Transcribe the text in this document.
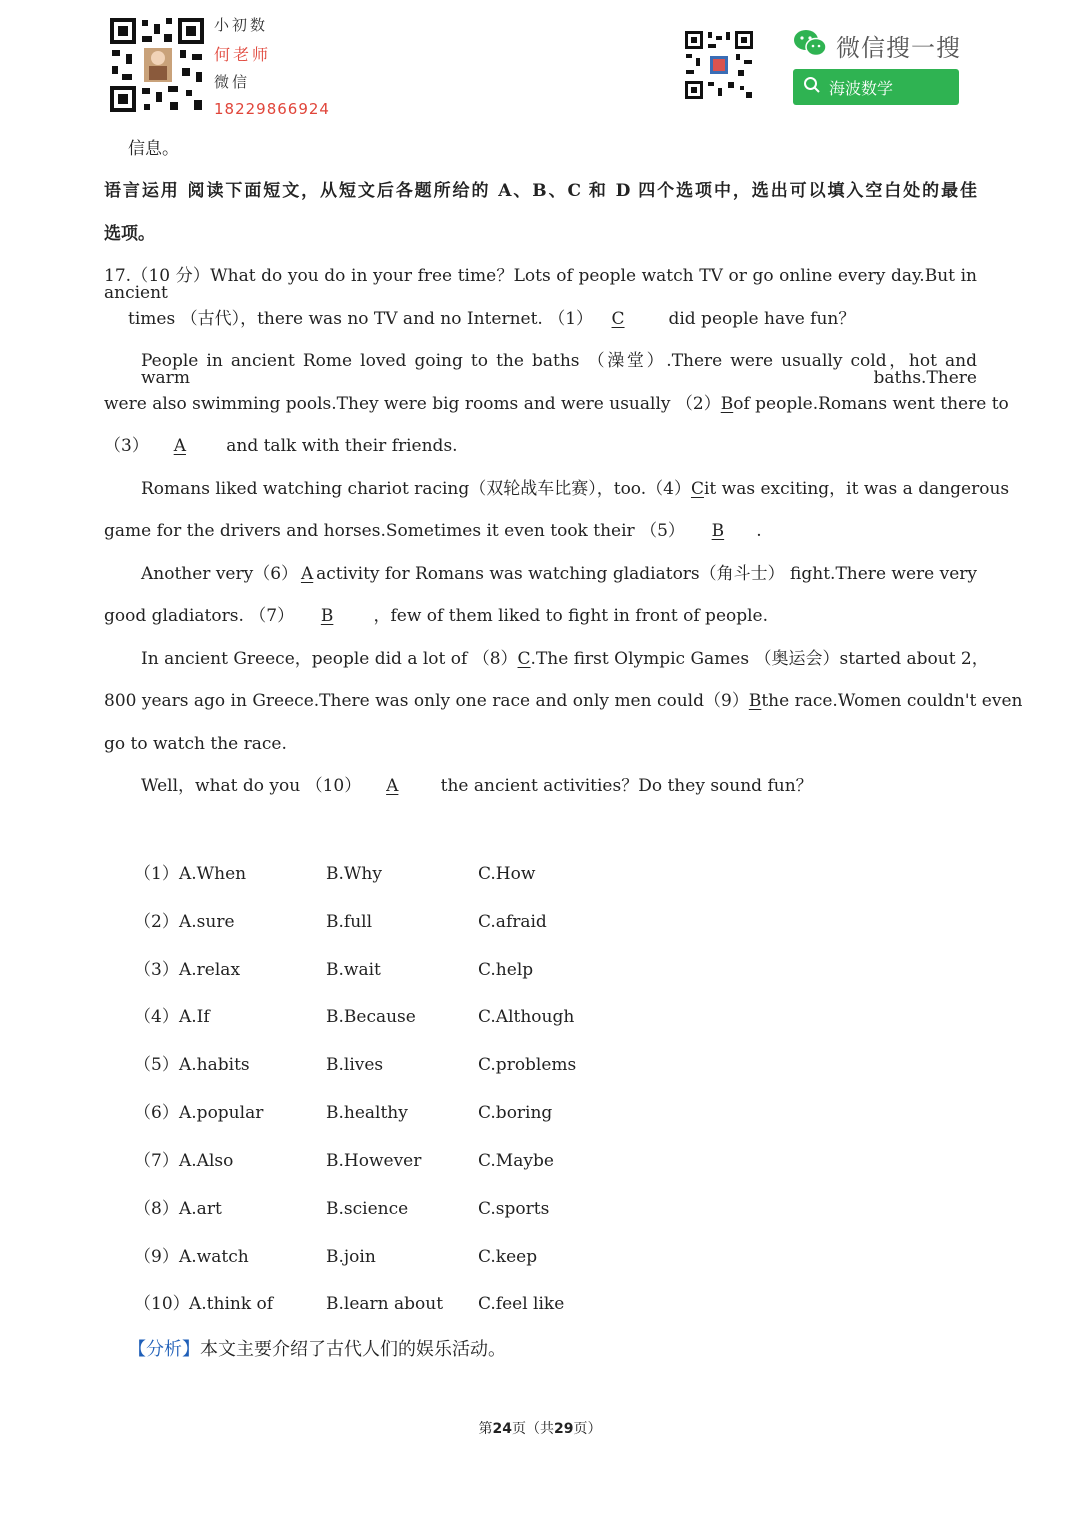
小初数
何老师
微信
18229866924
微信搜一搜
海波数学
信息。
语言运用 阅读下面短文，从短文后各题所给的 A、B、C 和 D 四个选项中，选出可以填入空白处的最佳
选项。
17.（10 分）What do you do in your free time？Lots of people watch TV or go online every day.But in ancient
times （古代），there was no TV and no Internet. （1） C did people have fun？
People in ancient Rome loved going to the baths （澡堂）.There were usually cold，hot and warm baths.There
were also swimming pools.They were big rooms and were usually （2） B of people.Romans went there to
（3） A and talk with their friends.
Romans liked watching chariot racing（双轮战车比赛），too.（4） C it was exciting，it was a dangerous
game for the drivers and horses.Sometimes it even took their （5） B .
Another very（6） A activity for Romans was watching gladiators（角斗士） fight.There were very
good gladiators. （7） B ，few of them liked to fight in front of people.
In ancient Greece，people did a lot of （8） C .The first Olympic Games （奥运会）started about 2，
800 years ago in Greece.There was only one race and only men could（9） B the race.Women couldn't even
go to watch the race.
Well，what do you （10） A the ancient activities？Do they sound fun？
（1） A.When	B.Why	C.How
（2） A.sure	B.full	C.afraid
（3） A.relax	B.wait	C.help
（4） A.If	B.Because	C.Although
（5） A.habits	B.lives	C.problems
（6） A.popular	B.healthy	C.boring
（7） A.Also	B.However	C.Maybe
（8） A.art	B.science	C.sports
（9） A.watch	B.join	C.keep
（10） A.think of	B.learn about C.feel like
【分析】本文主要介绍了古代人们的娱乐活动。
第24页（共29页）
